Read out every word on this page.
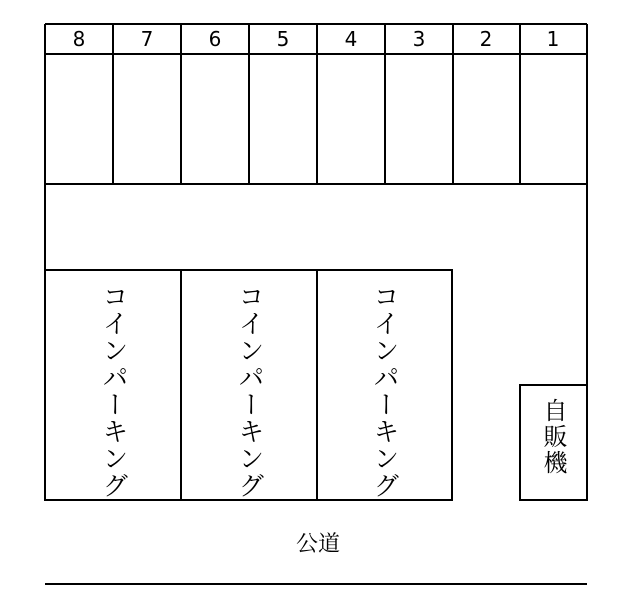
8	7	6	5	4	3	2	1
コインパーキング	コインパーキング	コインパーキング	自販機
公道
